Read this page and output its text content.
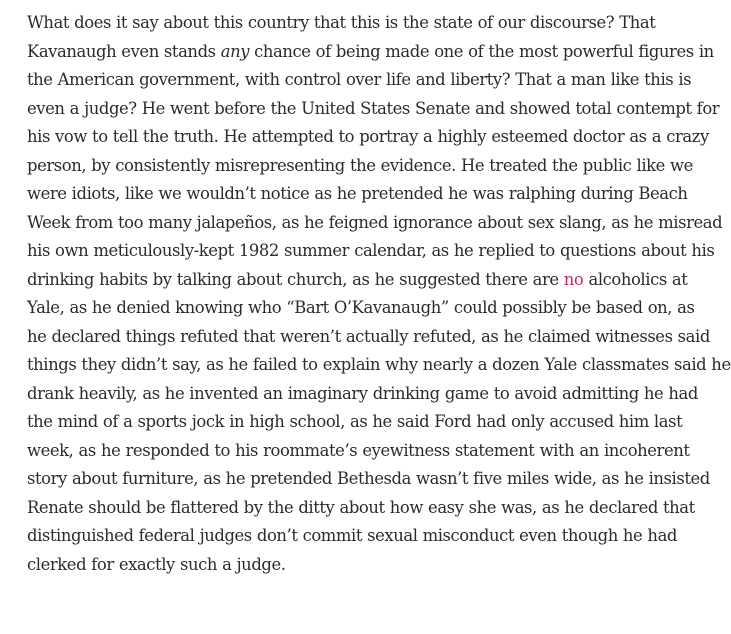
What does it say about this country that this is the state of our discourse? That
Kavanaugh even stands any chance of being made one of the most powerful figures in
the American government, with control over life and liberty? That a man like this is
even a judge? He went before the United States Senate and showed total contempt for
his vow to tell the truth. He attempted to portray a highly esteemed doctor as a crazy
person, by consistently misrepresenting the evidence. He treated the public like we
were idiots, like we wouldn’t notice as he pretended he was ralphing during Beach
Week from too many jalapeños, as he feigned ignorance about sex slang, as he misread
his own meticulously-kept 1982 summer calendar, as he replied to questions about his
drinking habits by talking about church, as he suggested there are no alcoholics at
Yale, as he denied knowing who “Bart O’Kavanaugh” could possibly be based on, as
he declared things refuted that weren’t actually refuted, as he claimed witnesses said
things they didn’t say, as he failed to explain why nearly a dozen Yale classmates said he
drank heavily, as he invented an imaginary drinking game to avoid admitting he had
the mind of a sports jock in high school, as he said Ford had only accused him last
week, as he responded to his roommate’s eyewitness statement with an incoherent
story about furniture, as he pretended Bethesda wasn’t five miles wide, as he insisted
Renate should be flattered by the ditty about how easy she was, as he declared that
distinguished federal judges don’t commit sexual misconduct even though he had
clerked for exactly such a judge.
